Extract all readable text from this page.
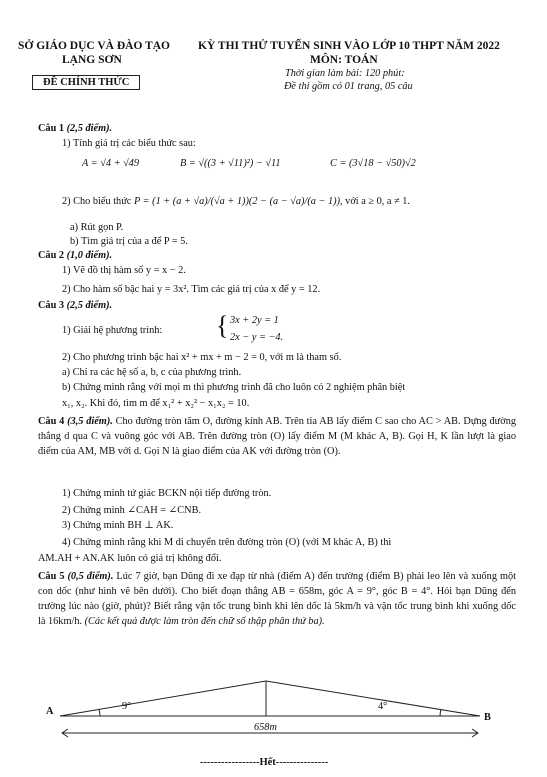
SỞ GIÁO DỤC VÀ ĐÀO TẠO
LẠNG SƠN
ĐỀ CHÍNH THỨC
KỲ THI THỬ TUYỂN SINH VÀO LỚP 10 THPT NĂM 2022
MÔN: TOÁN
Thời gian làm bài: 120 phút:
Đề thi gồm có 01 trang, 05 câu
Câu 1 (2,5 điểm).
1) Tính giá trị các biểu thức sau:
A = √4 + √49	B = √((3 + √11)²) − √11	C = (3√18 − √50)√2
2) Cho biểu thức P = (1 + (a + √a)/(√a + 1))(2 − (a − √a)/(a − 1)), với a ≥ 0, a ≠ 1.
a) Rút gọn P.
b) Tìm giá trị của a để P = 5.
Câu 2 (1,0 điểm).
1) Vẽ đồ thị hàm số y = x − 2.
2) Cho hàm số bậc hai y = 3x². Tìm các giá trị của x để y = 12.
Câu 3 (2,5 điểm).
1) Giải hệ phương trình: { 3x + 2y = 1
2x − y = −4.
2) Cho phương trình bậc hai x² + mx + m − 2 = 0, với m là tham số.
a) Chỉ ra các hệ số a, b, c của phương trình.
b) Chứng minh rằng với mọi m thì phương trình đã cho luôn có 2 nghiệm phân biệt
x₁, x₂. Khi đó, tìm m để x₁² + x₂² − x₁x₂ = 10.
Câu 4 (3,5 điểm). Cho đường tròn tâm O, đường kính AB. Trên tia AB lấy điểm C sao cho AC > AB. Dựng đường thẳng d qua C và vuông góc với AB. Trên đường tròn (O) lấy điểm M (M khác A, B). Gọi H, K lần lượt là giao điểm của AM, MB với d. Gọi N là giao điểm của AK với đường tròn (O).
1) Chứng minh tứ giác BCKN nội tiếp đường tròn.
2) Chứng minh ∠CAH = ∠CNB.
3) Chứng minh BH ⊥ AK.
4) Chứng minh rằng khi M di chuyển trên đường tròn (O) (với M khác A, B) thì
AM.AH + AN.AK luôn có giá trị không đổi.
Câu 5 (0,5 điểm). Lúc 7 giờ, bạn Dũng đi xe đạp từ nhà (điểm A) đến trường (điểm B) phải leo lên và xuống một con dốc (như hình vẽ bên dưới). Cho biết đoạn thẳng AB = 658m, góc A = 9°, góc B = 4°. Hỏi bạn Dũng đến trường lúc nào (giờ, phút)? Biết rằng vận tốc trung bình khi lên dốc là 5km/h và vận tốc trung bình khi xuống dốc là 16km/h. (Các kết quả được làm tròn đến chữ số thập phân thứ ba).
A
B
9°	4°
658m
-----------------Hết---------------
